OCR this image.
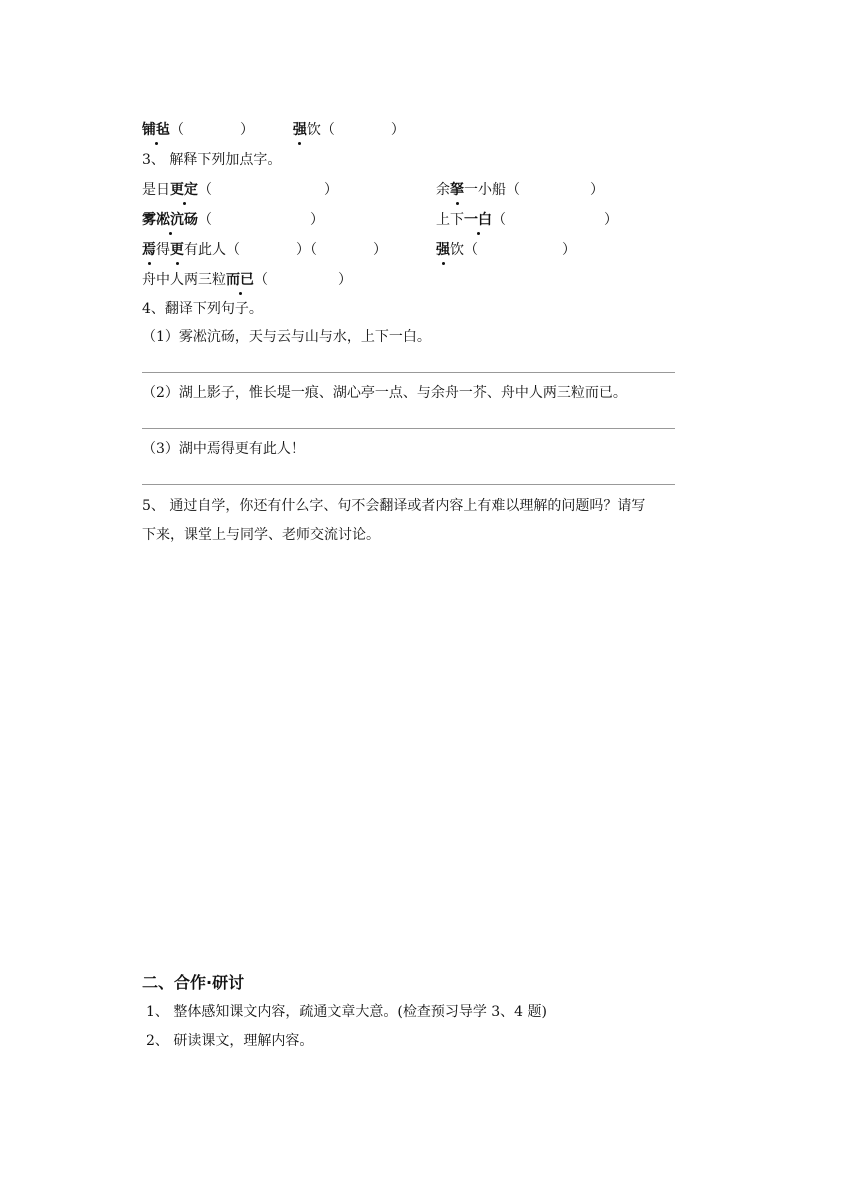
铺毡（　　　　）	强饮（　　　　）
3、 解释下列加点字。
是日更定（　　　　　　　　）	余拏一小船（　　　　　）
雾凇沆砀（　　　　　　　）	上下一白（　　　　　　　）
焉得更有此人（　　　　）（　　　　）	强饮（　　　　　　）
舟中人两三粒而已（　　　　　）
4、翻译下列句子。
（1）雾凇沆砀，天与云与山与水，上下一白。
（2）湖上影子，惟长堤一痕、湖心亭一点、与余舟一芥、舟中人两三粒而已。
（3）湖中焉得更有此人！
5、 通过自学，你还有什么字、句不会翻译或者内容上有难以理解的问题吗？请写
下来，课堂上与同学、老师交流讨论。
二、合作·研讨
1、 整体感知课文内容，疏通文章大意。(检查预习导学 3、4 题)
2、 研读课文，理解内容。
